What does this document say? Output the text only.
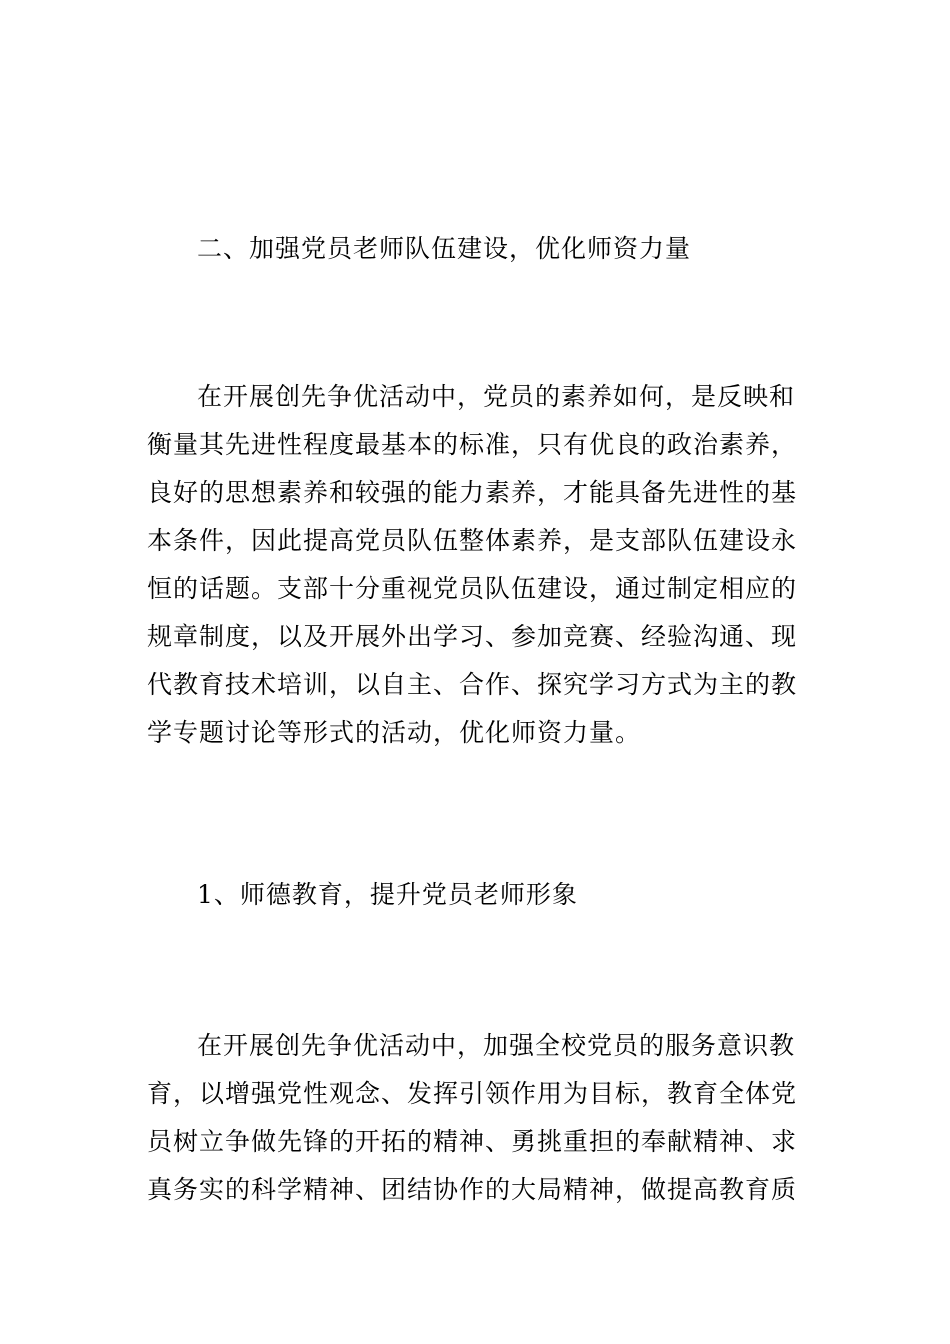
二、加强党员老师队伍建设，优化师资力量

在开展创先争优活动中，党员的素养如何，是反映和
衡量其先进性程度最基本的标准，只有优良的政治素养，
良好的思想素养和较强的能力素养，才能具备先进性的基
本条件，因此提高党员队伍整体素养，是支部队伍建设永
恒的话题。支部十分重视党员队伍建设，通过制定相应的
规章制度，以及开展外出学习、参加竞赛、经验沟通、现
代教育技术培训，以自主、合作、探究学习方式为主的教
学专题讨论等形式的活动，优化师资力量。

1、师德教育，提升党员老师形象

在开展创先争优活动中，加强全校党员的服务意识教
育，以增强党性观念、发挥引领作用为目标，教育全体党
员树立争做先锋的开拓的精神、勇挑重担的奉献精神、求
真务实的科学精神、团结协作的大局精神，做提高教育质
